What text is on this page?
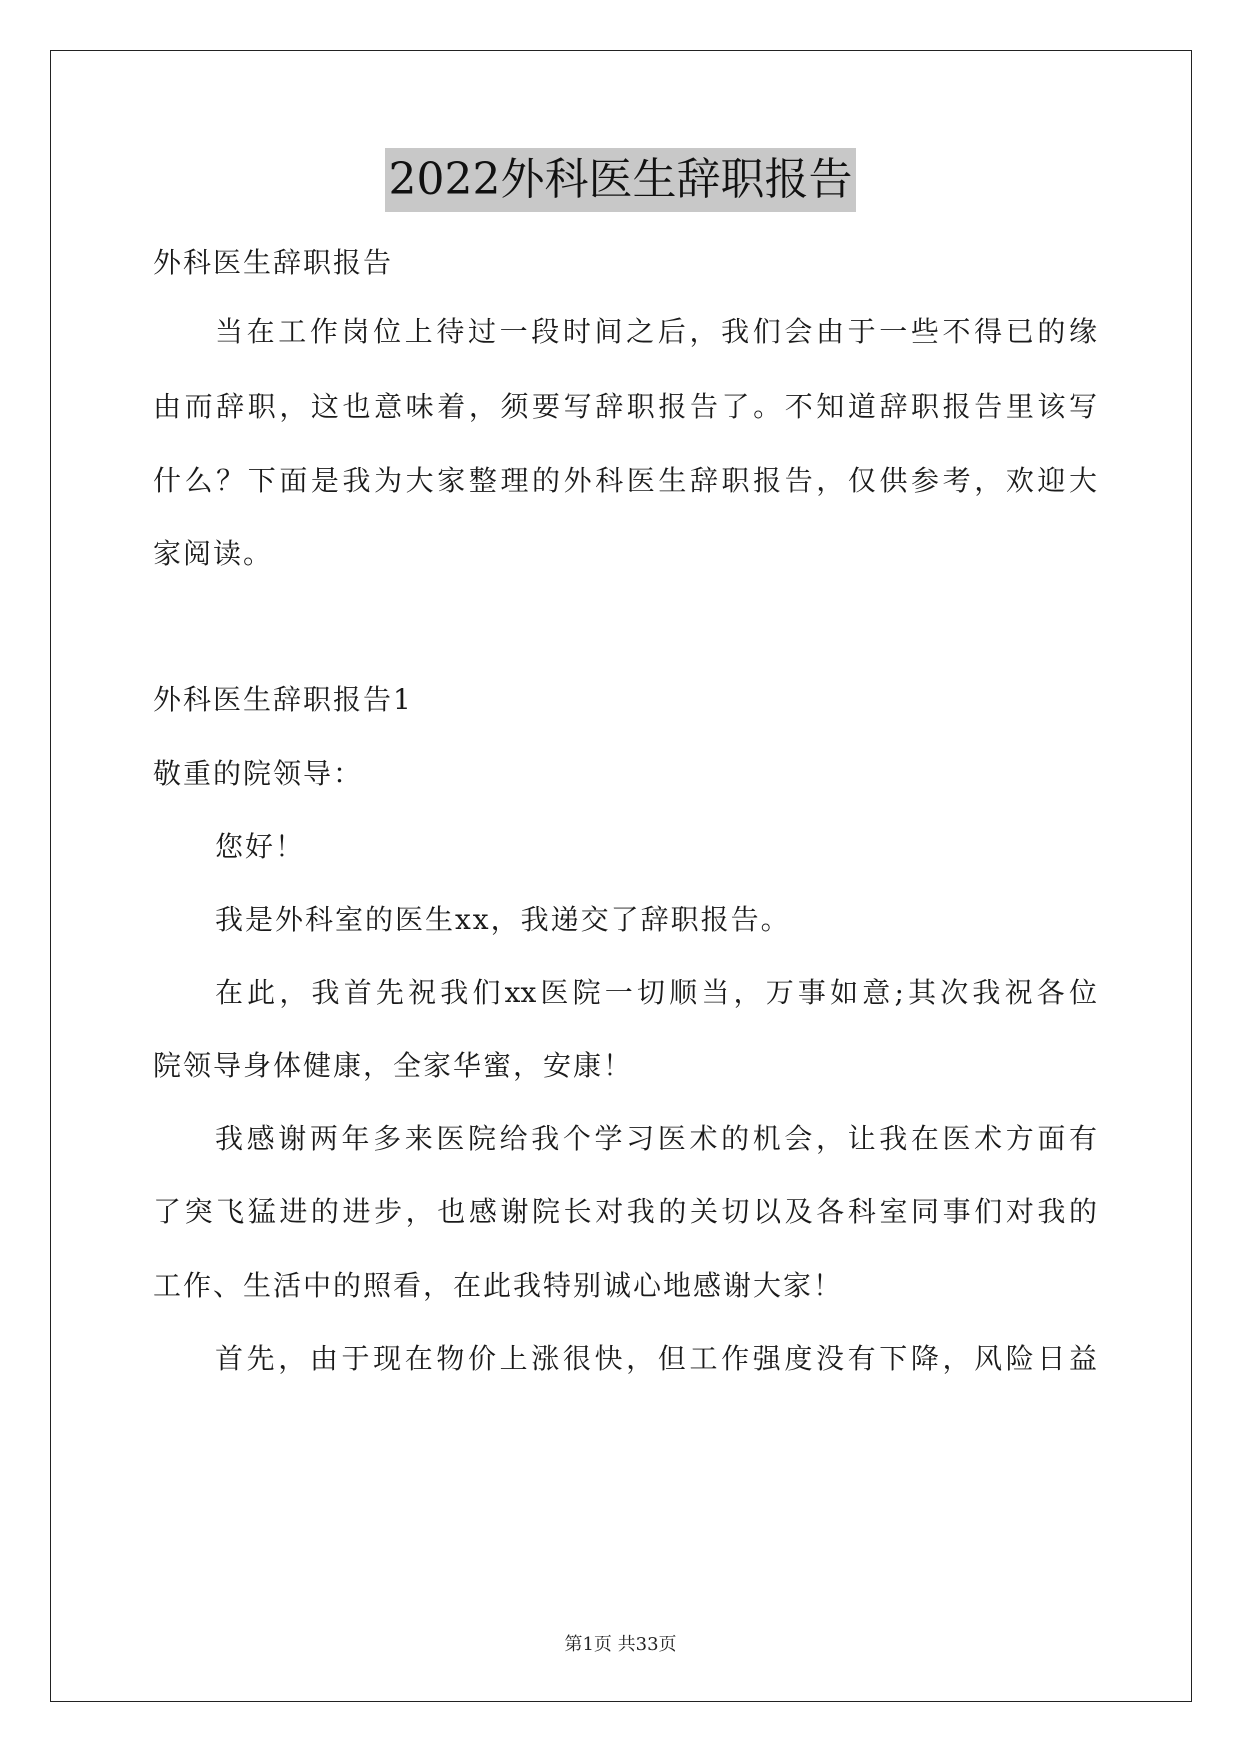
2022外科医生辞职报告
外科医生辞职报告
当在工作岗位上待过一段时间之后，我们会由于一些不得已的缘
由而辞职，这也意味着，须要写辞职报告了。不知道辞职报告里该写
什么？下面是我为大家整理的外科医生辞职报告，仅供参考，欢迎大
家阅读。
外科医生辞职报告1
敬重的院领导：
您好！
我是外科室的医生xx，我递交了辞职报告。
在此，我首先祝我们xx医院一切顺当，万事如意;其次我祝各位
院领导身体健康，全家华蜜，安康！
我感谢两年多来医院给我个学习医术的机会，让我在医术方面有
了突飞猛进的进步，也感谢院长对我的关切以及各科室同事们对我的
工作、生活中的照看，在此我特别诚心地感谢大家！
首先，由于现在物价上涨很快，但工作强度没有下降，风险日益
第1页 共33页
